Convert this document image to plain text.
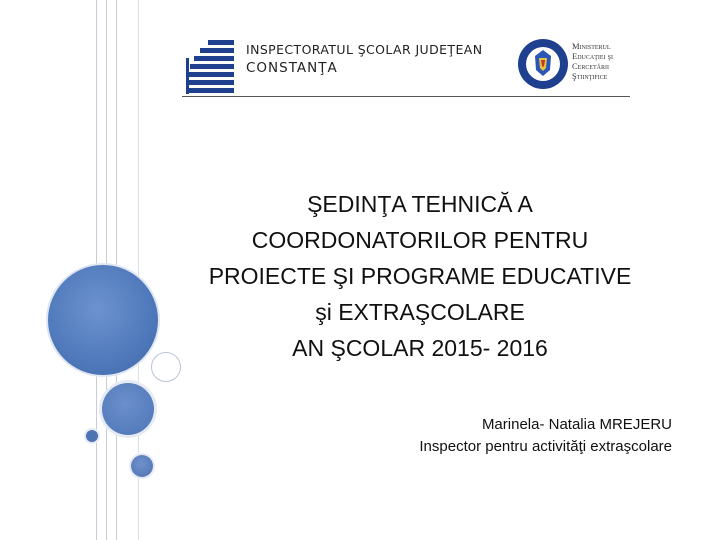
INSPECTORATUL ŞCOLAR JUDEŢEAN
CONSTANŢA
Ministerul
Educaţiei şi
Cercetării
Ştiinţifice
ŞEDINŢA TEHNICĂ A
COORDONATORILOR PENTRU
PROIECTE ŞI PROGRAME EDUCATIVE
şi EXTRAŞCOLARE
AN ŞCOLAR 2015- 2016
Marinela- Natalia MREJERU
Inspector pentru activităţi extraşcolare
